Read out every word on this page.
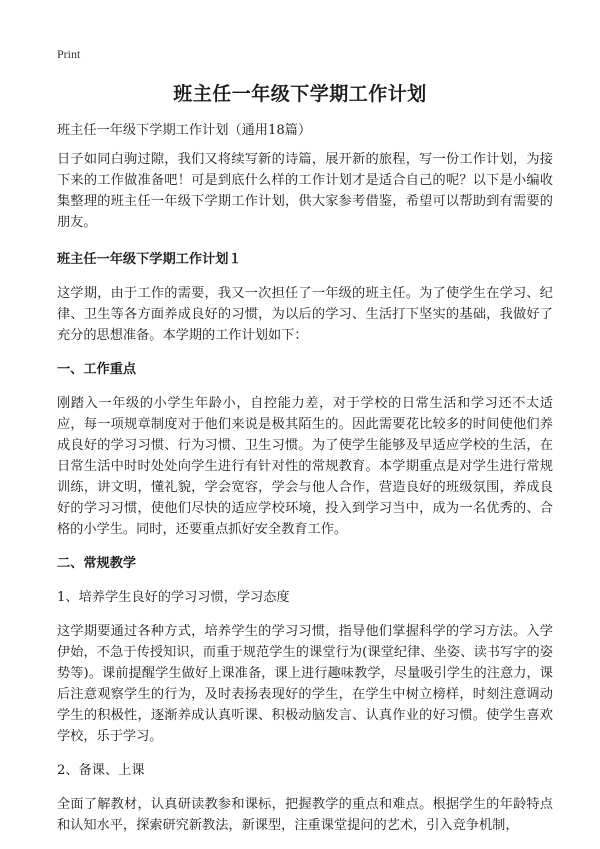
Print
班主任一年级下学期工作计划

班主任一年级下学期工作计划（通用18篇）

日子如同白驹过隙，我们又将续写新的诗篇，展开新的旅程，写一份工作计划，为接下来的工作做准备吧！可是到底什么样的工作计划才是适合自己的呢？以下是小编收集整理的班主任一年级下学期工作计划，供大家参考借鉴，希望可以帮助到有需要的朋友。

班主任一年级下学期工作计划１

这学期，由于工作的需要，我又一次担任了一年级的班主任。为了使学生在学习、纪律、卫生等各方面养成良好的习惯，为以后的学习、生活打下坚实的基础，我做好了充分的思想准备。本学期的工作计划如下：

一、工作重点

刚踏入一年级的小学生年龄小，自控能力差，对于学校的日常生活和学习还不太适应，每一项规章制度对于他们来说是极其陌生的。因此需要花比较多的时间使他们养成良好的学习习惯、行为习惯、卫生习惯。为了使学生能够及早适应学校的生活，在日常生活中时时处处向学生进行有针对性的常规教育。本学期重点是对学生进行常规训练，讲文明，懂礼貌，学会宽容，学会与他人合作，营造良好的班级氛围，养成良好的学习习惯，使他们尽快的适应学校环境，投入到学习当中，成为一名优秀的、合格的小学生。同时，还要重点抓好安全教育工作。

二、常规教学

1、培养学生良好的学习习惯，学习态度

这学期要通过各种方式，培养学生的学习习惯，指导他们掌握科学的学习方法。入学伊始，不急于传授知识，而重于规范学生的课堂行为(课堂纪律、坐姿、读书写字的姿势等)。课前提醒学生做好上课准备，课上进行趣味教学，尽量吸引学生的注意力，课后注意观察学生的行为，及时表扬表现好的学生，在学生中树立榜样，时刻注意调动学生的积极性，逐渐养成认真听课、积极动脑发言、认真作业的好习惯。使学生喜欢学校，乐于学习。

2、备课、上课

全面了解教材，认真研读教参和课标，把握教学的重点和难点。根据学生的年龄特点和认知水平，探索研究新教法，新课型，注重课堂提问的艺术，引入竞争机制，
